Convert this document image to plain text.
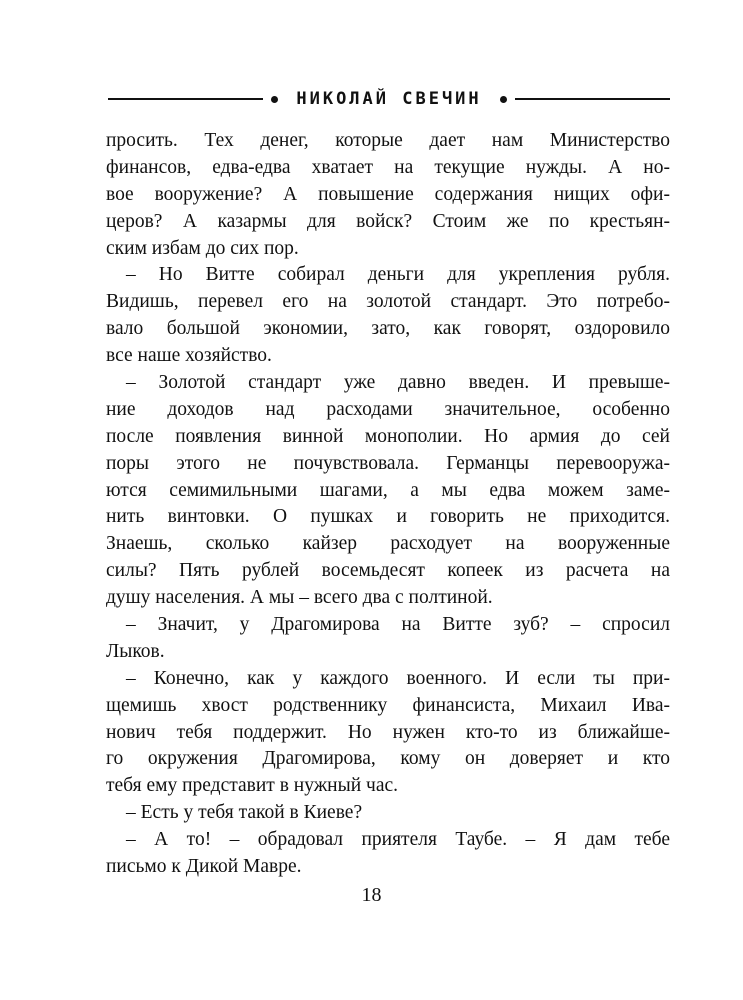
НИКОЛАЙ СВЕЧИН
просить. Тех денег, которые дает нам Министерство
финансов, едва-едва хватает на текущие нужды. А но-
вое вооружение? А повышение содержания нищих офи-
церов? А казармы для войск? Стоим же по крестьян-
ским избам до сих пор.
– Но Витте собирал деньги для укрепления рубля.
Видишь, перевел его на золотой стандарт. Это потребо-
вало большой экономии, зато, как говорят, оздоровило
все наше хозяйство.
– Золотой стандарт уже давно введен. И превыше-
ние доходов над расходами значительное, особенно
после появления винной монополии. Но армия до сей
поры этого не почувствовала. Германцы перевооружа-
ются семимильными шагами, а мы едва можем заме-
нить винтовки. О пушках и говорить не приходится.
Знаешь, сколько кайзер расходует на вооруженные
силы? Пять рублей восемьдесят копеек из расчета на
душу населения. А мы – всего два с полтиной.
– Значит, у Драгомирова на Витте зуб? – спросил
Лыков.
– Конечно, как у каждого военного. И если ты при-
щемишь хвост родственнику финансиста, Михаил Ива-
нович тебя поддержит. Но нужен кто-то из ближайше-
го окружения Драгомирова, кому он доверяет и кто
тебя ему представит в нужный час.
– Есть у тебя такой в Киеве?
– А то! – обрадовал приятеля Таубе. – Я дам тебе
письмо к Дикой Мавре.
18
